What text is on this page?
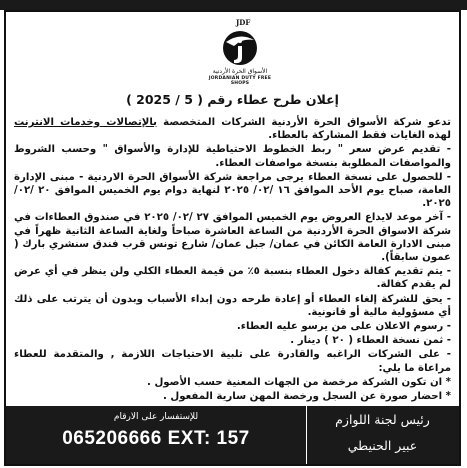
JDF
الأسواق الحرة الأردنية
JORDANIAN DUTY FREE SHOPS
إعلان طرح عطاء رقم ( 5 / 2025 )

تدعو شركة الأسواق الحرة الأردنية الشركات المتخصصة بالإتصالات وخدمات الانترنت لهذه الغايات فقط المشاركة بالعطاء.

- تقديم عرض سعر " ربط الخطوط الاحتياطية للإدارة والأسواق " وحسب الشروط والمواصفات المطلوبة بنسخة مواصفات العطاء.

- للحصول على نسخة العطاء يرجى مراجعة شركة الأسواق الحرة الاردنية - مبنى الإدارة العامة، صباح يوم الأحد الموافق ١٦ /٠٢/ ٢٠٢٥ لنهاية دوام يوم الخميس الموافق ٢٠ /٠٢/ ٢٠٢٥.

- آخر موعد لايداع العروض يوم الخميس الموافق ٢٧ /٠٢/ ٢٠٢٥ في صندوق العطاءات في شركة الاسواق الحرة الأردنية من الساعة العاشرة صباحاً ولغاية الساعة الثانية ظهراً في مبنى الادارة العامة الكائن في عمان/ جبل عمان/ شارع تونس قرب فندق سنشري بارك ( عمون سابقاً).

- يتم تقديم كفالة دخول العطاء بنسبة ٥٪ من قيمة العطاء الكلي ولن ينظر في أي عرض لم يقدم كفالة.

- يحق للشركة إلغاء العطاء أو إعادة طرحه دون إبداء الأسباب وبدون أن يترتب على ذلك أي مسؤولية مالية أو قانونية.

- رسوم الاعلان على من يرسو عليه العطاء.

- ثمن نسخة العطاء ( ٢٠ ) دينار .

- على الشركات الراغبه والقادرة على تلبية الاحتياجات اللازمة , والمتقدمة للعطاء مراعاة ما يلي:

* ان تكون الشركة مرخصة من الجهات المعنية حسب الأصول .

* احضار صورة عن السجل ورخصة المهن سارية المفعول .

للإستفسار على الارقام
065206666 EXT: 157
رئيس لجنة اللوازم
عبير الحنيطي
